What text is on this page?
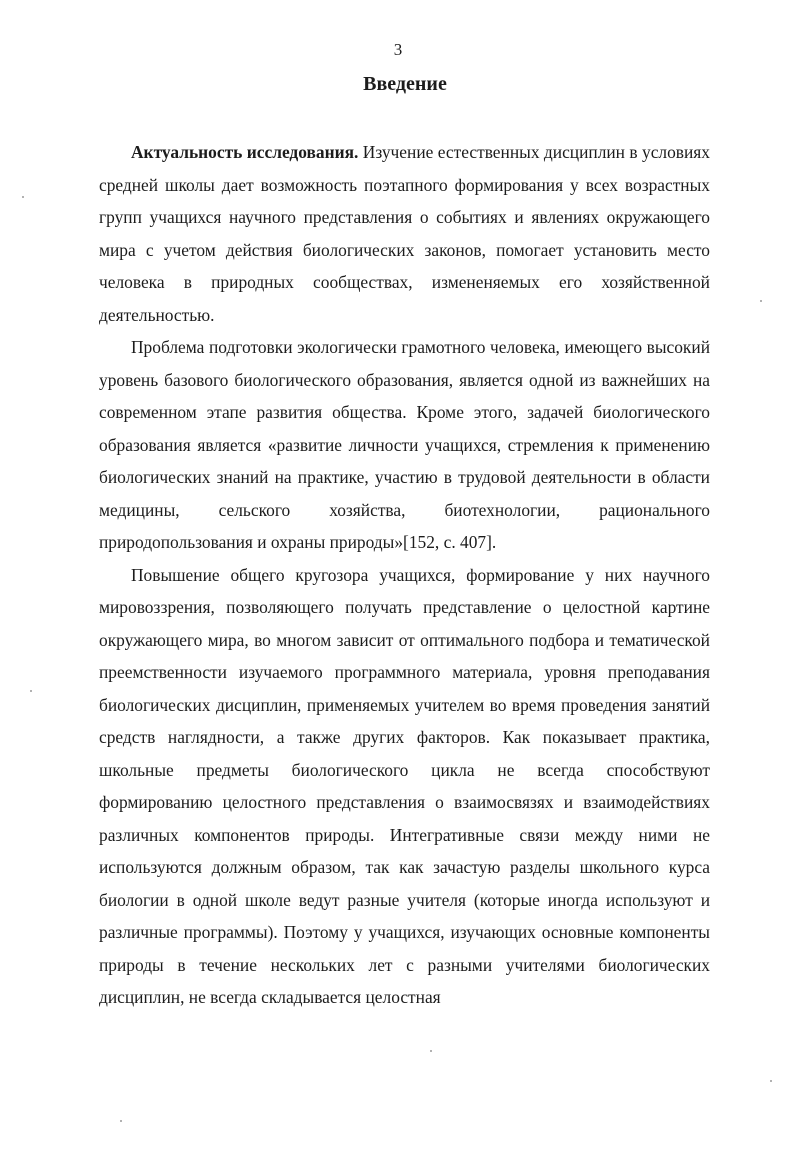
3
Введение

Актуальность исследования. Изучение естественных дисциплин в условиях средней школы дает возможность поэтапного формирования у всех возрастных групп учащихся научного представления о событиях и явлениях окружающего мира с учетом действия биологических законов, помогает установить место человека в природных сообществах, измененяемых его хозяйственной деятельностью.

Проблема подготовки экологически грамотного человека, имеющего высокий уровень базового биологического образования, является одной из важнейших на современном этапе развития общества. Кроме этого, задачей биологического образования является «развитие личности учащихся, стремления к применению биологических знаний на практике, участию в трудовой деятельности в области медицины, сельского хозяйства, биотехнологии, рационального природопользования и охраны природы»[152, с. 407].

Повышение общего кругозора учащихся, формирование у них научного мировоззрения, позволяющего получать представление о целостной картине окружающего мира, во многом зависит от оптимального подбора и тематической преемственности изучаемого программного материала, уровня преподавания биологических дисциплин, применяемых учителем во время проведения занятий средств наглядности, а также других факторов. Как показывает практика, школьные предметы биологического цикла не всегда способствуют формированию целостного представления о взаимосвязях и взаимодействиях различных компонентов природы. Интегративные связи между ними не используются должным образом, так как зачастую разделы школьного курса биологии в одной школе ведут разные учителя (которые иногда используют и различные программы). Поэтому у учащихся, изучающих основные компоненты природы в течение нескольких лет с разными учителями биологических дисциплин, не всегда складывается целостная
